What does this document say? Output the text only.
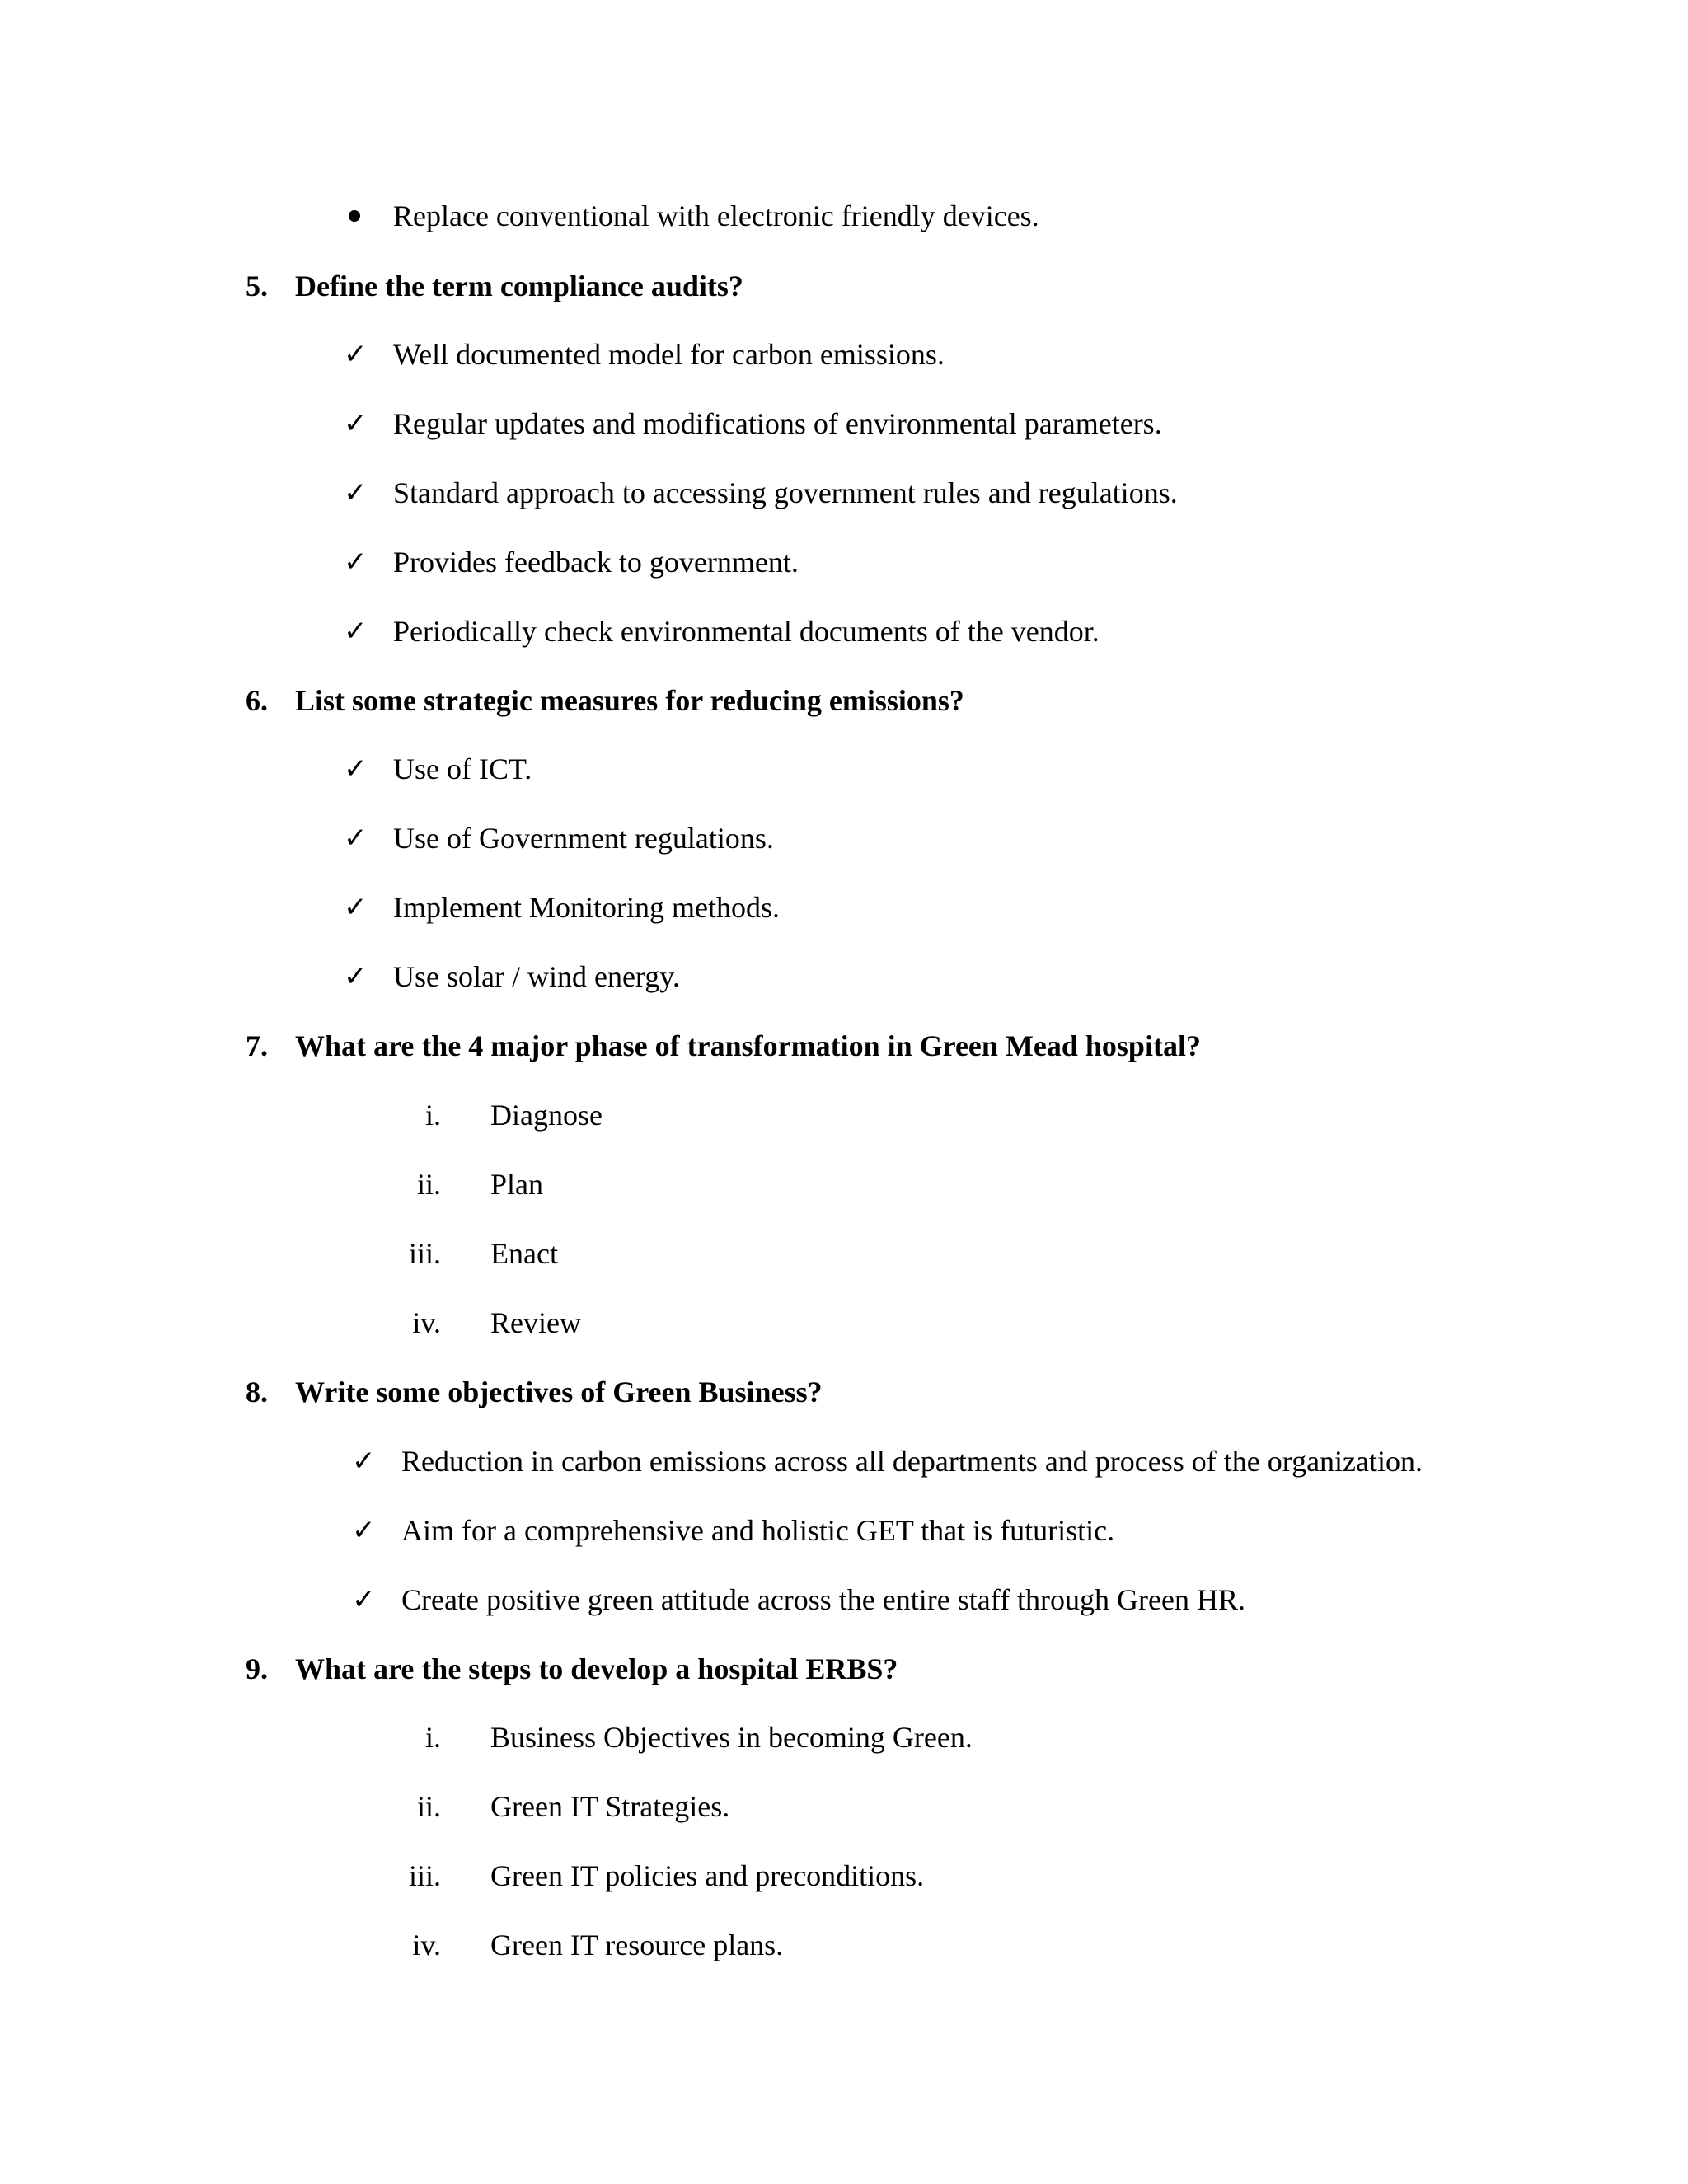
Replace conventional with electronic friendly devices.
5. Define the term compliance audits?
✓ Well documented model for carbon emissions.
✓ Regular updates and modifications of environmental parameters.
✓ Standard approach to accessing government rules and regulations.
✓ Provides feedback to government.
✓ Periodically check environmental documents of the vendor.
6. List some strategic measures for reducing emissions?
✓ Use of ICT.
✓ Use of Government regulations.
✓ Implement Monitoring methods.
✓ Use solar / wind energy.
7. What are the 4 major phase of transformation in Green Mead hospital?
i. Diagnose
ii. Plan
iii. Enact
iv. Review
8. Write some objectives of Green Business?
✓ Reduction in carbon emissions across all departments and process of the organization.
✓ Aim for a comprehensive and holistic GET that is futuristic.
✓ Create positive green attitude across the entire staff through Green HR.
9. What are the steps to develop a hospital ERBS?
i. Business Objectives in becoming Green.
ii. Green IT Strategies.
iii. Green IT policies and preconditions.
iv. Green IT resource plans.
